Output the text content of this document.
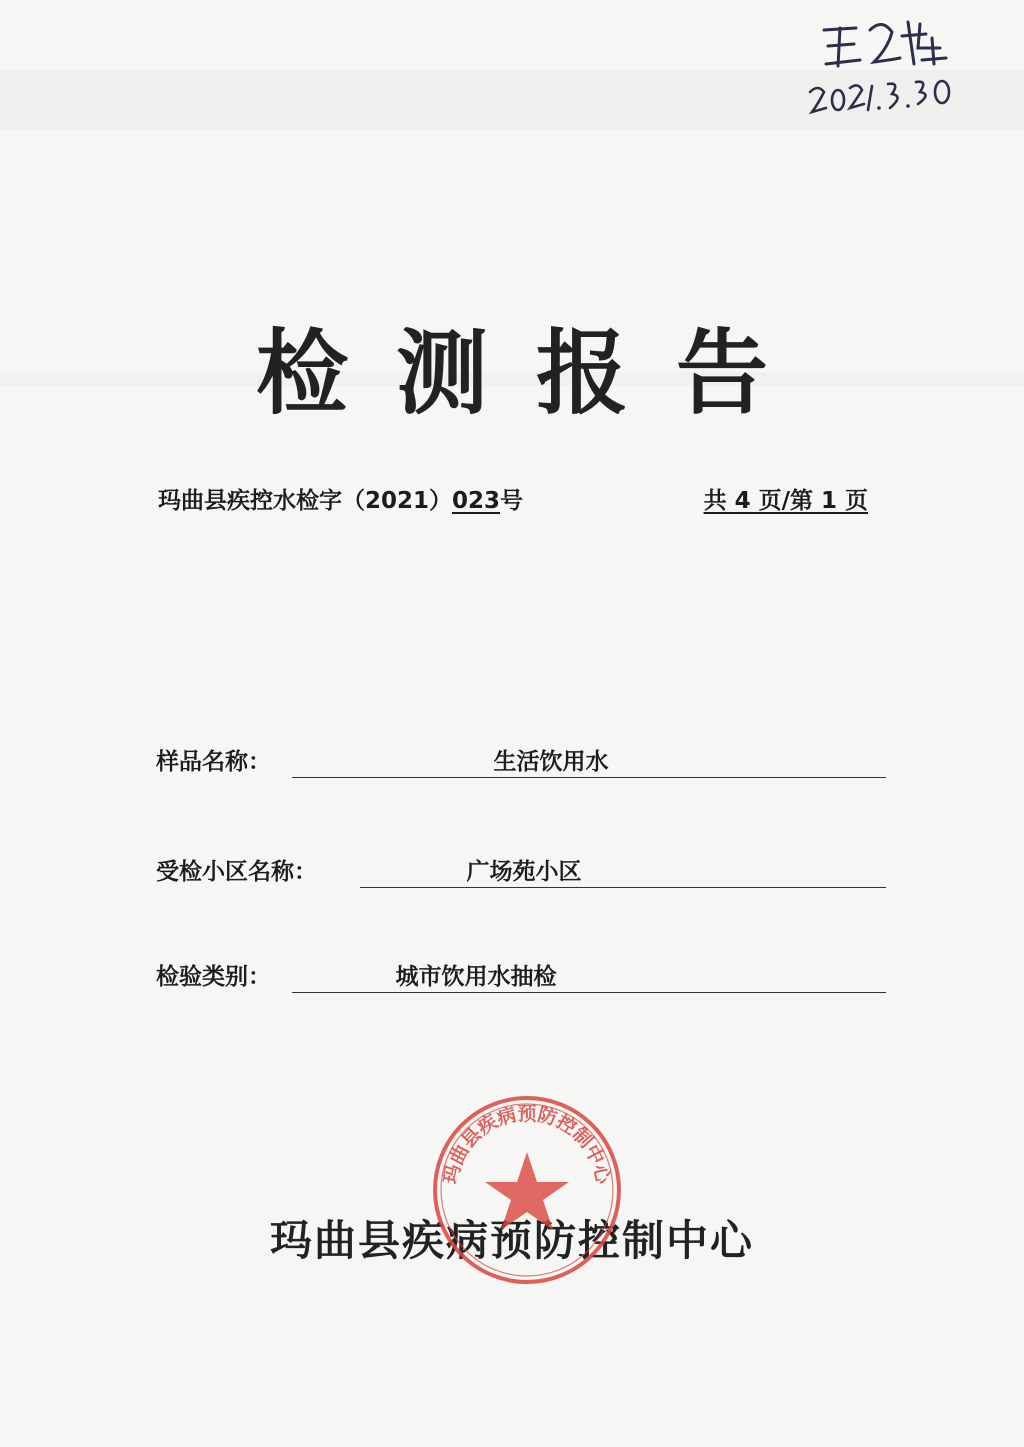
检测报告
玛曲县疾控水检字（2021）023号	共 4 页/第 1 页
样品名称：	生活饮用水
受检小区名称：	广场苑小区
检验类别：	城市饮用水抽检
玛曲县疾病预防控制中心
玛曲县疾病预防控制中心
